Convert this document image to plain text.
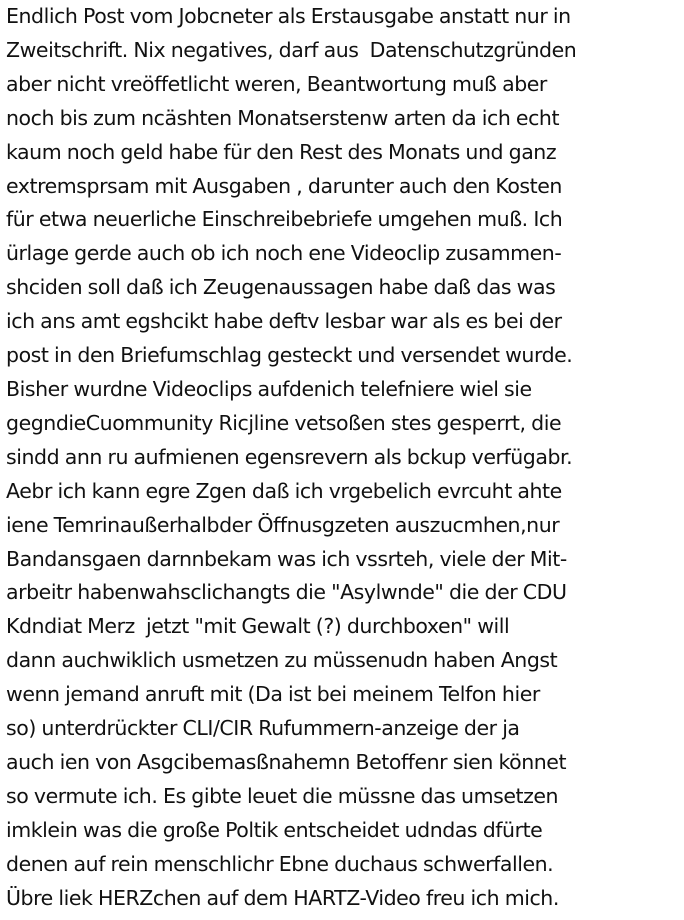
Endlich Post vom Jobcneter als Erstausgabe anstatt nur in
Zweitschrift. Nix negatives, darf aus  Datenschutzgründen
aber nicht vreöffetlicht weren, Beantwortung muß aber
noch bis zum ncäshten Monatserstenw arten da ich echt
kaum noch geld habe für den Rest des Monats und ganz
extremsprsam mit Ausgaben , darunter auch den Kosten
für etwa neuerliche Einschreibebriefe umgehen muß. Ich
ürlage gerde auch ob ich noch ene Videoclip zusammen-
shciden soll daß ich Zeugenaussagen habe daß das was
ich ans amt egshcikt habe deftv lesbar war als es bei der
post in den Briefumschlag gesteckt und versendet wurde.
Bisher wurdne Videoclips aufdenich telefniere wiel sie
gegndieCuommunity Ricjline vetsoßen stes gesperrt, die
sindd ann ru aufmienen egensrevern als bckup verfügabr.
Aebr ich kann egre Zgen daß ich vrgebelich evrcuht ahte
iene Temrinaußerhalbder Öffnusgzeten auszucmhen,nur
Bandansgaen darnnbekam was ich vssrteh, viele der Mit-
arbeitr habenwahsclichangts die "Asylwnde" die der CDU
Kdndiat Merz  jetzt "mit Gewalt (?) durchboxen" will
dann auchwiklich usmetzen zu müssenudn haben Angst
wenn jemand anruft mit (Da ist bei meinem Telfon hier
so) unterdrückter CLI/CIR Rufummern-anzeige der ja
auch ien von Asgcibemasßnahemn Betoffenr sien könnet
so vermute ich. Es gibte leuet die müssne das umsetzen
imklein was die große Poltik entscheidet udndas dfürte
denen auf rein menschlichr Ebne duchaus schwerfallen.
Übre liek HERZchen auf dem HARTZ-Video freu ich mich.
